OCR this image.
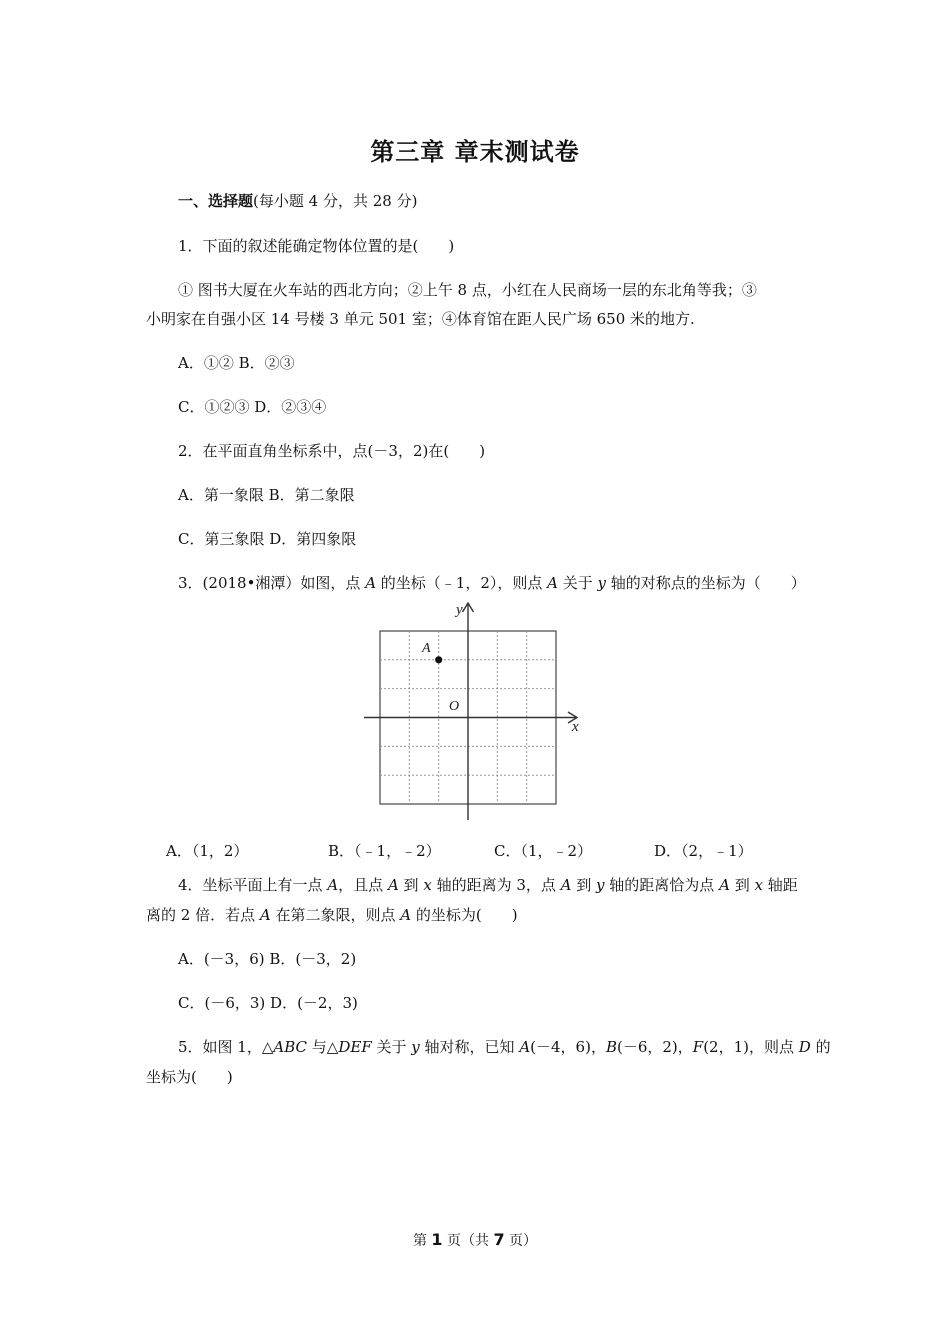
第三章 章末测试卷
一、选择题(每小题 4 分，共 28 分)
1．下面的叙述能确定物体位置的是(　　)
① 图书大厦在火车站的西北方向；②上午 8 点，小红在人民商场一层的东北角等我；③
小明家在自强小区 14 号楼 3 单元 501 室；④体育馆在距人民广场 650 米的地方.
A．①② B．②③
C．①②③ D．②③④
2．在平面直角坐标系中，点(－3，2)在(　　)
A．第一象限 B．第二象限
C．第三象限 D．第四象限
3．(2018•湘潭）如图，点 A 的坐标（﹣1，2），则点 A 关于 y 轴的对称点的坐标为（　　）
y
x
O
A
A．（1，2）	B．（﹣1，﹣2）	C．（1，﹣2）	D．（2，﹣1）
4．坐标平面上有一点 A，且点 A 到 x 轴的距离为 3，点 A 到 y 轴的距离恰为点 A 到 x 轴距
离的 2 倍．若点 A 在第二象限，则点 A 的坐标为(　　)
A．(－3，6) B．(－3，2)
C．(－6，3) D．(－2，3)
5．如图 1，△ABC 与△DEF 关于 y 轴对称，已知 A(－4，6)，B(－6，2)，F(2，1)，则点 D 的
坐标为(　　)
第 1 页（共 7 页）
